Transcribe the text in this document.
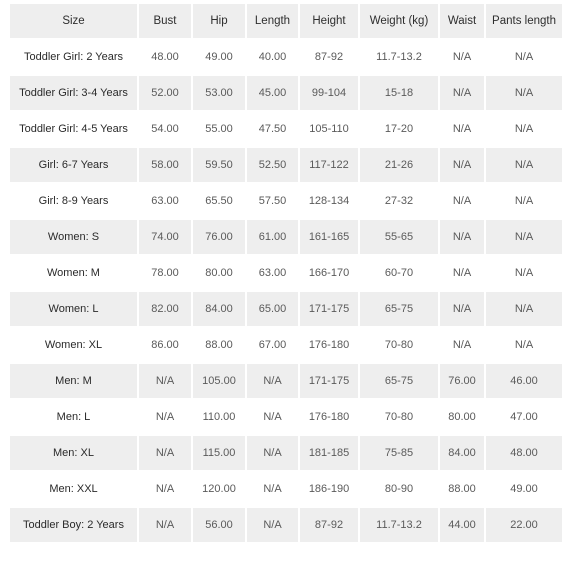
Size	Bust	Hip	Length	Height	Weight (kg)	Waist	Pants length
Toddler Girl: 2 Years	48.00	49.00	40.00	87-92	11.7-13.2	N/A	N/A
Toddler Girl: 3-4 Years	52.00	53.00	45.00	99-104	15-18	N/A	N/A
Toddler Girl: 4-5 Years	54.00	55.00	47.50	105-110	17-20	N/A	N/A
Girl: 6-7 Years	58.00	59.50	52.50	117-122	21-26	N/A	N/A
Girl: 8-9 Years	63.00	65.50	57.50	128-134	27-32	N/A	N/A
Women: S	74.00	76.00	61.00	161-165	55-65	N/A	N/A
Women: M	78.00	80.00	63.00	166-170	60-70	N/A	N/A
Women: L	82.00	84.00	65.00	171-175	65-75	N/A	N/A
Women: XL	86.00	88.00	67.00	176-180	70-80	N/A	N/A
Men: M	N/A	105.00	N/A	171-175	65-75	76.00	46.00
Men: L	N/A	110.00	N/A	176-180	70-80	80.00	47.00
Men: XL	N/A	115.00	N/A	181-185	75-85	84.00	48.00
Men: XXL	N/A	120.00	N/A	186-190	80-90	88.00	49.00
Toddler Boy: 2 Years	N/A	56.00	N/A	87-92	11.7-13.2	44.00	22.00
